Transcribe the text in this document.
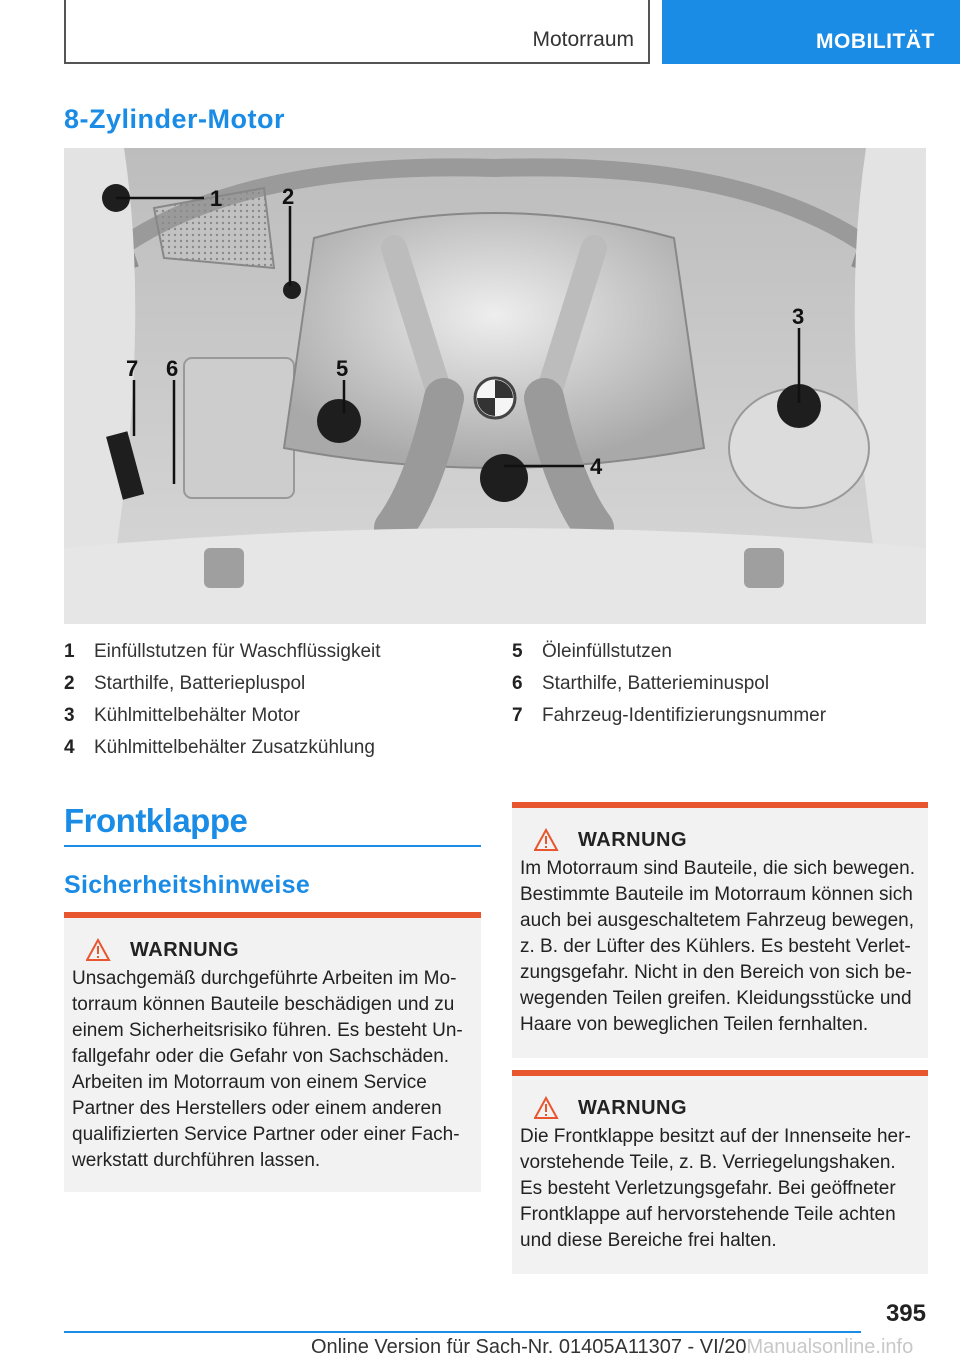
Motorraum	MOBILITÄT
8-Zylinder-Motor
1	2
3
4
5
6
7
1	Einfüllstutzen für Waschflüssigkeit
2	Starthilfe, Batteriepluspol
3	Kühlmittelbehälter Motor
4	Kühlmittelbehälter Zusatzkühlung
5	Öleinfüllstutzen
6	Starthilfe, Batterieminuspol
7	Fahrzeug-Identifizierungsnummer
Frontklappe
Sicherheitshinweise
WARNUNG
Unsachgemäß durchgeführte Arbeiten im Mo-
torraum können Bauteile beschädigen und zu
einem Sicherheitsrisiko führen. Es besteht Un-
fallgefahr oder die Gefahr von Sachschäden.
Arbeiten im Motorraum von einem Service
Partner des Herstellers oder einem anderen
qualifizierten Service Partner oder einer Fach-
werkstatt durchführen lassen.
WARNUNG
Im Motorraum sind Bauteile, die sich bewegen.
Bestimmte Bauteile im Motorraum können sich
auch bei ausgeschaltetem Fahrzeug bewegen,
z. B. der Lüfter des Kühlers. Es besteht Verlet-
zungsgefahr. Nicht in den Bereich von sich be-
wegenden Teilen greifen. Kleidungsstücke und
Haare von beweglichen Teilen fernhalten.
WARNUNG
Die Frontklappe besitzt auf der Innenseite her-
vorstehende Teile, z. B. Verriegelungshaken.
Es besteht Verletzungsgefahr. Bei geöffneter
Frontklappe auf hervorstehende Teile achten
und diese Bereiche frei halten.
395
Online Version für Sach-Nr. 01405A11307 - VI/20Manualsonline.info
